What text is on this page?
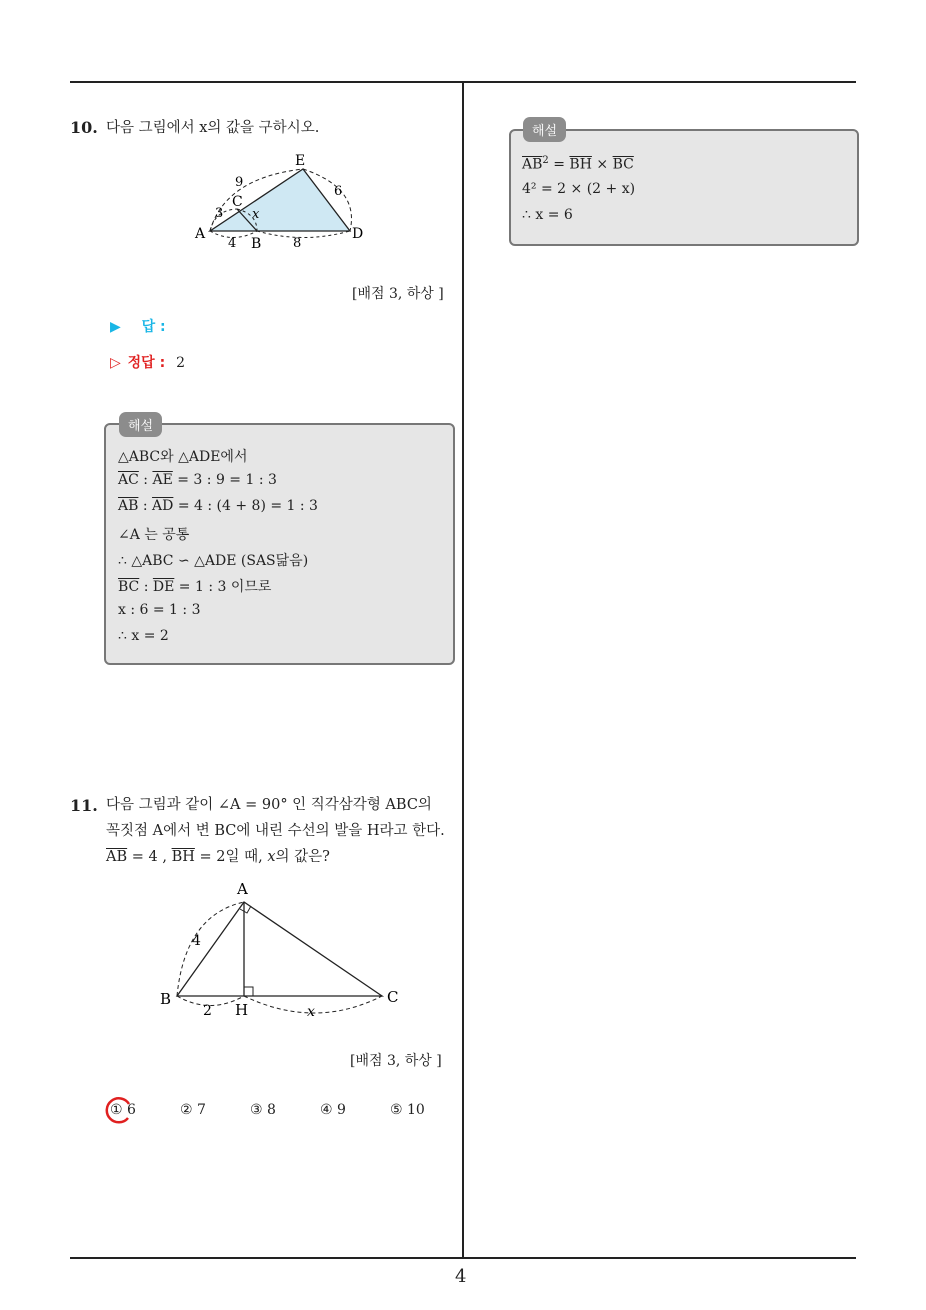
10. 다음 그림에서 x의 값을 구하시오.
A
B
C
D
E
9
6
3 x
4	8
[배점 3, 하상 ]
▶ 답 :
▷ 정답 : 2
해설
△ABC와 △ADE에서
$\overline{AC}$ : $\overline{AE} = 3$ : 9 = 1 : 3
$\overline{AB}$ : $\overline{AD} = 4$ : (4 + 8) = 1 : 3
∠A 는 공통
∴ △ABC ∽ △ADE (SAS닮음)
$\overline{BC}$ : $\overline{DE} = 1$ : 3 이므로
x : 6 = 1 : 3
∴ x = 2
11. 다음 그림과 같이 ∠A = 90° 인 직각삼각형 ABC의
꼭짓점 A에서 변 BC에 내린 수선의 발을 H라고 한다.
$\overline{AB} = 4$ , $\overline{BH} = 2$일 때, x의 값은?
A
B
H
C
4
2	x
[배점 3, 하상 ]
① 6	② 7	③ 8	④ 9	⑤ 10
해설
$\overline{AB}^2 = \overline{BH} \times \overline{BC}$
4² = 2 × (2 + x)
∴ x = 6
4
